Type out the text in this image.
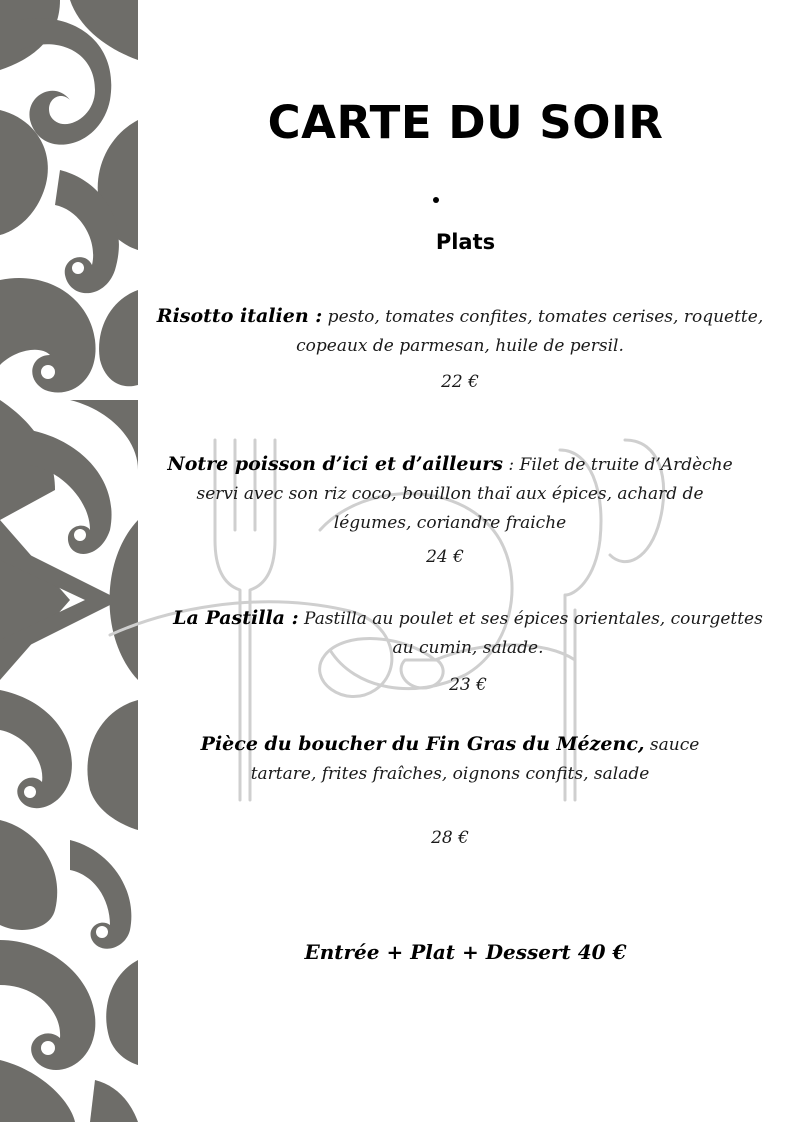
CARTE DU SOIR
Plats
Risotto italien : pesto, tomates confites, tomates cerises, roquette, copeaux de parmesan, huile de persil.
22 €
Notre poisson d’ici et d’ailleurs : Filet de truite d’Ardèche servi avec son riz coco, bouillon thaï aux épices, achard de légumes, coriandre fraiche
24 €
La Pastilla : Pastilla au poulet et ses épices orientales, courgettes au cumin, salade.
23 €
Pièce du boucher du Fin Gras du Mézenc, sauce tartare, frites fraîches, oignons confits, salade
28 €
Entrée + Plat + Dessert 40 €
